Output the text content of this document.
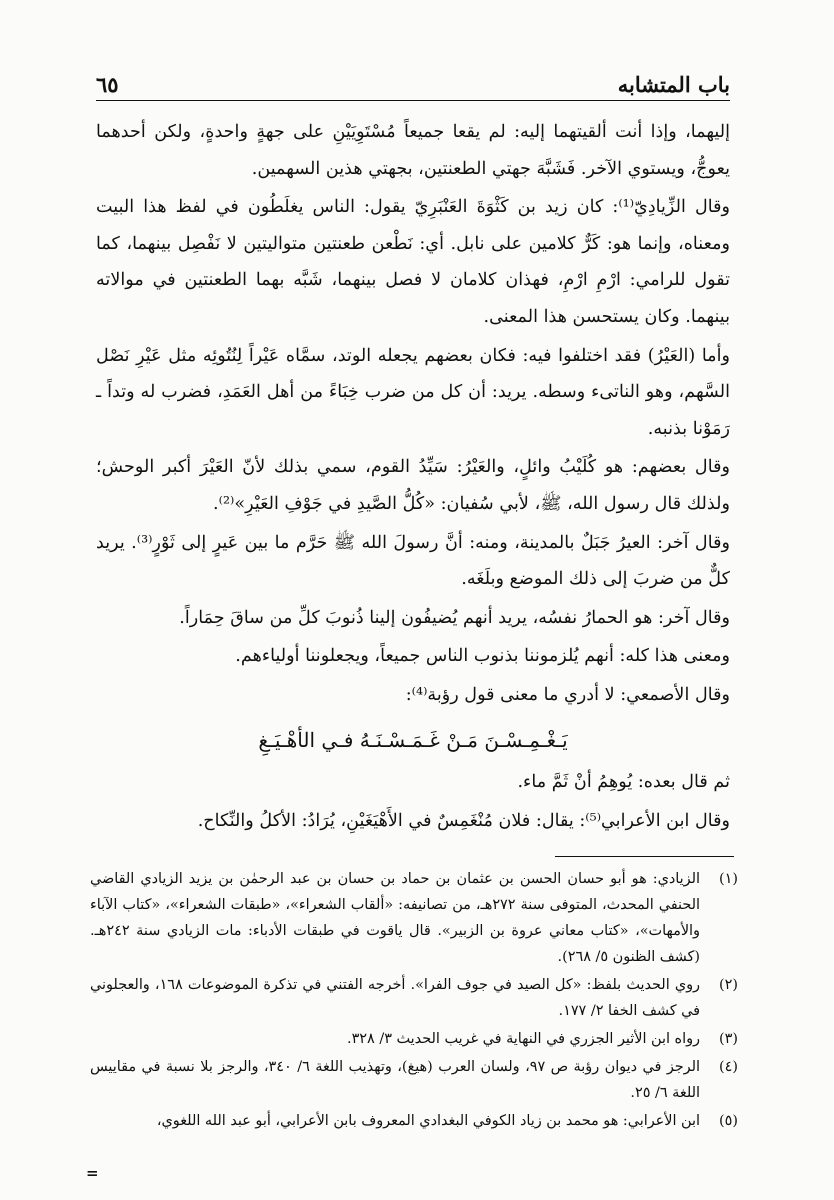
باب المتشابه
٦٥

إليهما، وإذا أنت ألقيتهما إليه: لم يقعا جميعاً مُسْتَوِيَيْنِ على جهةٍ واحدةٍ، ولكن أحدهما يعوجُّ، ويستوي الآخر. فَشَبَّهَ جهتي الطعنتين، بجهتي هذين السهمين.

وقال الزِّيادِيّ⁽¹⁾: كان زيد بن كَثْوَةَ العَنْبَرِيّ يقول: الناس يغلَطُون في لفظ هذا البيت ومعناه، وإنما هو: كَرٌّ كلامين على نابل. أي: نَطْعن طعنتين متواليتين لا نَفْصِل بينهما، كما تقول للرامي: ارْمِ ارْمِ، فهذان كلامان لا فصل بينهما، شَبَّه بهما الطعنتين في موالاته بينهما. وكان يستحسن هذا المعنى.

وأما (العَيْرُ) فقد اختلفوا فيه: فكان بعضهم يجعله الوتد، سمَّاه عَيْراً لِنُتُوئِه مثل عَيْرِ نَصْل السَّهم، وهو الناتىء وسطه. يريد: أن كل من ضرب خِبَاءً من أهل العَمَدِ، فضرب له وتداً ـ رَمَوْنا بذنبه.

وقال بعضهم: هو كُلَيْبُ وائلٍ، والعَيْرُ: سَيِّدُ القوم، سمي بذلك لأنّ العَيْرَ أكبر الوحش؛ ولذلك قال رسول الله، ﷺ، لأبي سُفيان: «كُلُّ الصَّيدِ في جَوْفِ العَيْرِ»⁽²⁾.

وقال آخر: العيرُ جَبَلٌ بالمدينة، ومنه: أنَّ رسولَ الله ﷺ حَرَّم ما بين عَيرٍ إلى ثَوْرٍ⁽³⁾. يريد كلٌّ من ضربَ إلى ذلك الموضع وبلَغَه.

وقال آخر: هو الحمارُ نفسُه، يريد أنهم يُضيفُون إلينا ذُنوبَ كلِّ من ساقَ حِمَاراً.

ومعنى هذا كله: أنهم يُلزموننا بذنوب الناس جميعاً، ويجعلوننا أولياءهم.

وقال الأصمعي: لا أدري ما معنى قول رؤبة⁽⁴⁾:

يَـغْـمِـسْـنَ مَـنْ غَـمَـسْـنَـهُ فـي الأهْـيَـغِ

ثم قال بعده: يُوهِمُ أنْ ثَمَّ ماء.

وقال ابن الأعرابي⁽⁵⁾: يقال: فلان مُنْغَمِسٌ في الأَهْيَغَيْنِ، يُرَادُ: الأكلُ والنِّكاح.

(١)
الزيادي: هو أبو حسان الحسن بن عثمان بن حماد بن حسان بن عبد الرحمٰن بن يزيد الزيادي القاضي الحنفي المحدث، المتوفى سنة ٢٧٢هـ، من تصانيفه: «ألقاب الشعراء»، «طبقات الشعراء»، «كتاب الآباء والأمهات»، «كتاب معاني عروة بن الزبير». قال ياقوت في طبقات الأدباء: مات الزيادي سنة ٢٤٢هـ. (كشف الظنون ٥/ ٢٦٨).
(٢)
روي الحديث بلفظ: «كل الصيد في جوف الفرا». أخرجه الفتني في تذكرة الموضوعات ١٦٨، والعجلوني في كشف الخفا ٢/ ١٧٧.
(٣)
رواه ابن الأثير الجزري في النهاية في غريب الحديث ٣/ ٣٢٨.
(٤)
الرجز في ديوان رؤبة ص ٩٧، ولسان العرب (هيغ)، وتهذيب اللغة ٦/ ٣٤٠، والرجز بلا نسبة في مقاييس اللغة ٦/ ٢٥.
(٥)
ابن الأعرابي: هو محمد بن زياد الكوفي البغدادي المعروف بابن الأعرابي، أبو عبد الله اللغوي،
=
